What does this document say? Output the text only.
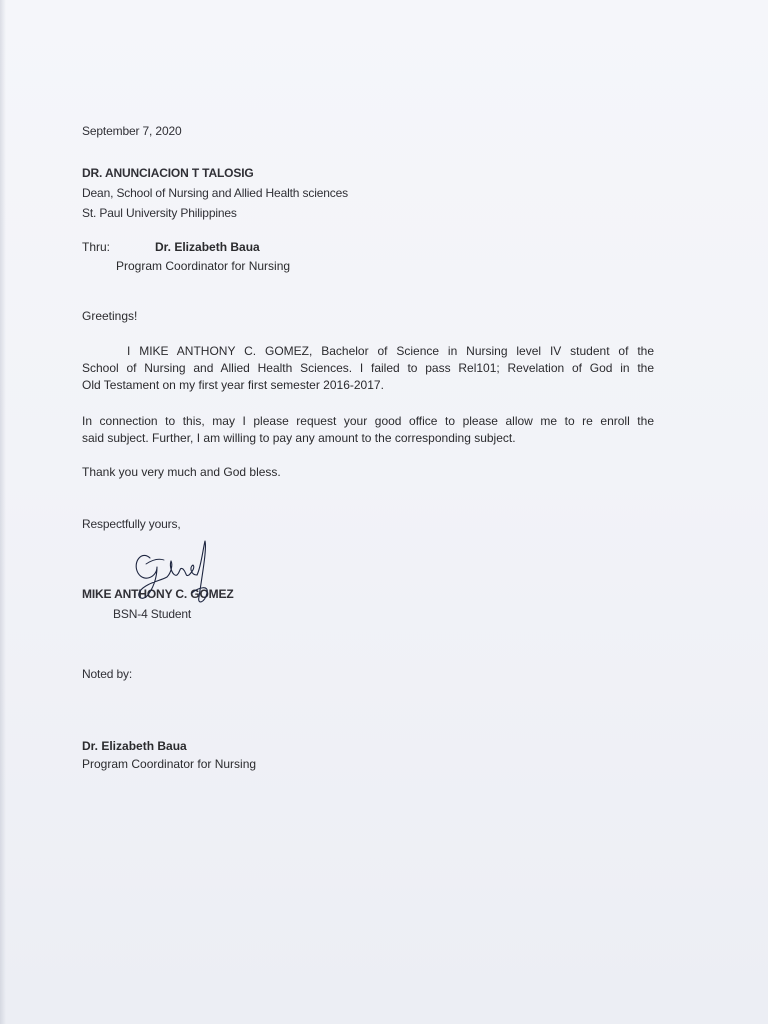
September 7, 2020
DR. ANUNCIACION T TALOSIG
Dean, School of Nursing and Allied Health sciences
St. Paul University Philippines
Thru:	Dr. Elizabeth Baua
Program Coordinator for Nursing
Greetings!
I MIKE ANTHONY C. GOMEZ, Bachelor of Science in Nursing level IV student of the
School of Nursing and Allied Health Sciences. I failed to pass Rel101; Revelation of God in the
Old Testament on my first year first semester 2016-2017.
In connection to this, may I please request your good office to please allow me to re enroll the
said subject. Further, I am willing to pay any amount to the corresponding subject.
Thank you very much and God bless.
Respectfully yours,
MIKE ANTHONY C. GOMEZ
BSN-4 Student
Noted by:
Dr. Elizabeth Baua
Program Coordinator for Nursing
